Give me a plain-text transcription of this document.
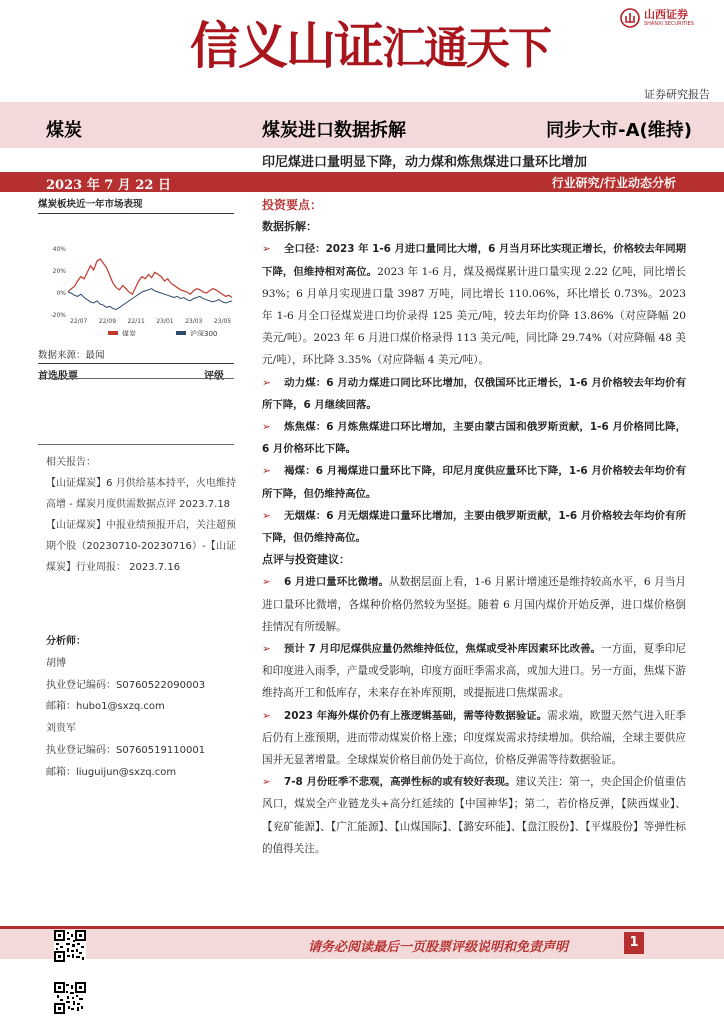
信义山证汇通天下
山西证券
SHANXI SECURITIES
证券研究报告
煤炭	煤炭进口数据拆解	同步大市-A(维持)
印尼煤进口量明显下降，动力煤和炼焦煤进口量环比增加
2023 年 7 月 22 日	行业研究/行业动态分析
煤炭板块近一年市场表现
40%
20%
0%
-20%
22/07 22/09 22/11 23/01 23/03 23/05
煤炭	沪深300
数据来源：最闻
首选股票	评级
相关报告：
【山证煤炭】6 月供给基本持平，火电维持高增 - 煤炭月度供需数据点评 2023.7.18
【山证煤炭】中报业绩预报开启，关注超预期个股（20230710-20230716）-【山证煤炭】行业周报： 2023.7.16
分析师：
胡博
执业登记编码：S0760522090003
邮箱：hubo1@sxzq.com
刘贵军
执业登记编码：S0760519110001
邮箱：liuguijun@sxzq.com
投资要点：
数据拆解：
➢ 全口径：2023 年 1-6 月进口量同比大增，6 月当月环比实现正增长，价格较去年同期下降，但维持相对高位。2023 年 1-6 月，煤及褐煤累计进口量实现 2.22 亿吨，同比增长 93%；6 月单月实现进口量 3987 万吨，同比增长 110.06%，环比增长 0.73%。2023 年 1-6 月全口径煤炭进口均价录得 125 美元/吨，较去年均价降 13.86%（对应降幅 20 美元/吨）。2023 年 6 月进口煤价格录得 113 美元/吨，同比降 29.74%（对应降幅 48 美元/吨），环比降 3.35%（对应降幅 4 美元/吨）。
➢ 动力煤：6 月动力煤进口同比环比增加，仅俄国环比正增长，1-6 月价格较去年均价有所下降，6 月继续回落。
➢ 炼焦煤：6 月炼焦煤进口环比增加，主要由蒙古国和俄罗斯贡献，1-6 月价格同比降，6 月价格环比下降。
➢ 褐煤：6 月褐煤进口量环比下降，印尼月度供应量环比下降，1-6 月价格较去年均价有所下降，但仍维持高位。
➢ 无烟煤：6 月无烟煤进口量环比增加，主要由俄罗斯贡献，1-6 月价格较去年均价有所下降，但仍维持高位。
点评与投资建议：
➢ 6 月进口量环比微增。从数据层面上看，1-6 月累计增速还是维持较高水平，6 月当月进口量环比微增，各煤种价格仍然较为坚挺。随着 6 月国内煤价开始反弹，进口煤价格倒挂情况有所缓解。
➢ 预计 7 月印尼煤供应量仍然维持低位，焦煤或受补库因素环比改善。一方面，夏季印尼和印度进入雨季，产量或受影响，印度方面旺季需求高，或加大进口。另一方面，焦煤下游维持高开工和低库存，未来存在补库预期，或提振进口焦煤需求。
➢ 2023 年海外煤价仍有上涨逻辑基础，需等待数据验证。需求端，欧盟天然气进入旺季后仍有上涨预期，进而带动煤炭价格上涨；印度煤炭需求持续增加。供给端，全球主要供应国并无显著增量。全球煤炭价格目前仍处于高位，价格反弹需等待数据验证。
➢ 7-8 月份旺季不悲观，高弹性标的或有较好表现。建议关注：第一，央企国企价值重估风口，煤炭全产业链龙头+高分红延续的【中国神华】；第二，若价格反弹，【陕西煤业】、【兖矿能源】、【广汇能源】、【山煤国际】、【潞安环能】、【盘江股份】、【平煤股份】等弹性标的值得关注。
请务必阅读最后一页股票评级说明和免责声明	1
